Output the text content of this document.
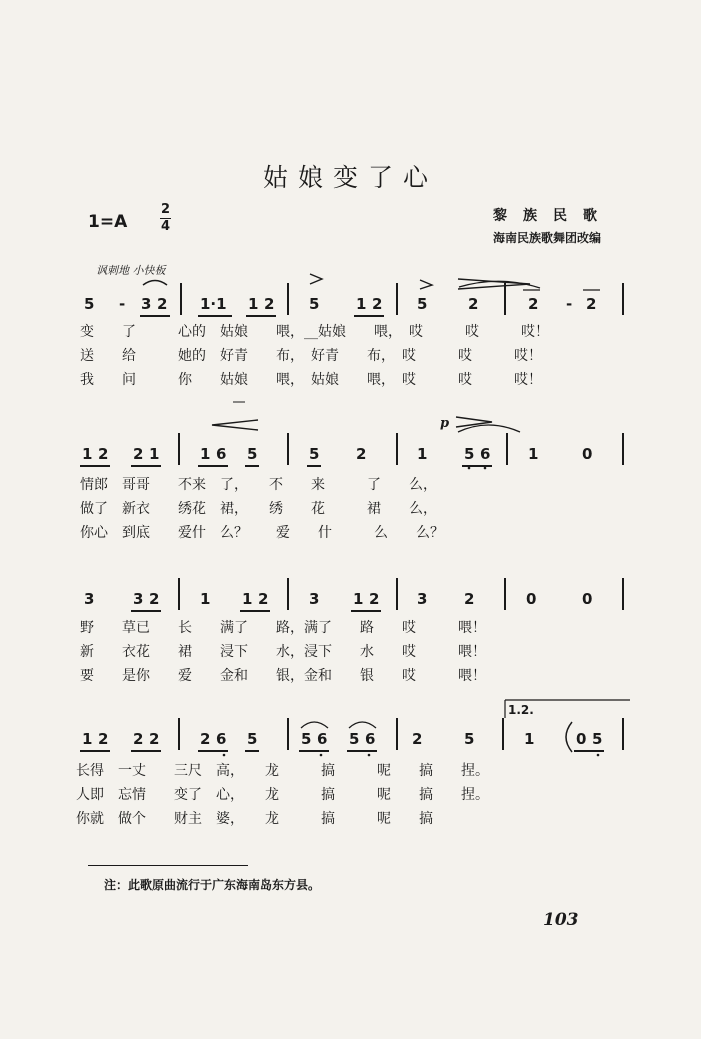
姑娘变了心
1=A
2
4
黎族民歌
海南民族歌舞团改编
讽刺地 小快板
5 - 3 2 1·1 1 2 5 1 2 5	2	2 - 2
变　　了　　　心的　姑娘　　喂，__姑娘　　喂，　哎　　　哎　　　哎！
送　　给　　　她的　好青　　布，　好青　　布，　哎　　　哎　　　哎！
我　　问　　　你　　姑娘　　喂，　姑娘　　喂，　哎　　　哎　　　哎！
p
1 2 2 1	1 6 5	5 2	1 5 6	1	0
情郎　哥哥　　不来　了，　　不　　来　　　了　　么，
做了　新衣　　绣花　裙，　　绣　　花　　　裙　　么，
你心　到底　　爱什　么？　　爱　　什　　　么　　么？
3	3 2	1 1 2	3 1 2	3 2	0	0
野　　草已　　长　　满了　　路，满了　　路　　哎　　　喂！
新　　衣花　　裙　　浸下　　水，浸下　　水　　哎　　　喂！
要　　是你　　爱　　金和　　银，金和　　银　　哎　　　喂！
1.2.
1 2 2 2	2 6 5	5 6 5 6 2	5	1	0 5
长得　一丈　　三尺　高，　　龙　　　搞　　　呢　　搞　　捏。
人即　忘情　　变了　心，　　龙　　　搞　　　呢　　搞　　捏。
你就　做个　　财主　婆，　　龙　　　搞　　　呢　　搞
注：此歌原曲流行于广东海南岛东方县。
103
